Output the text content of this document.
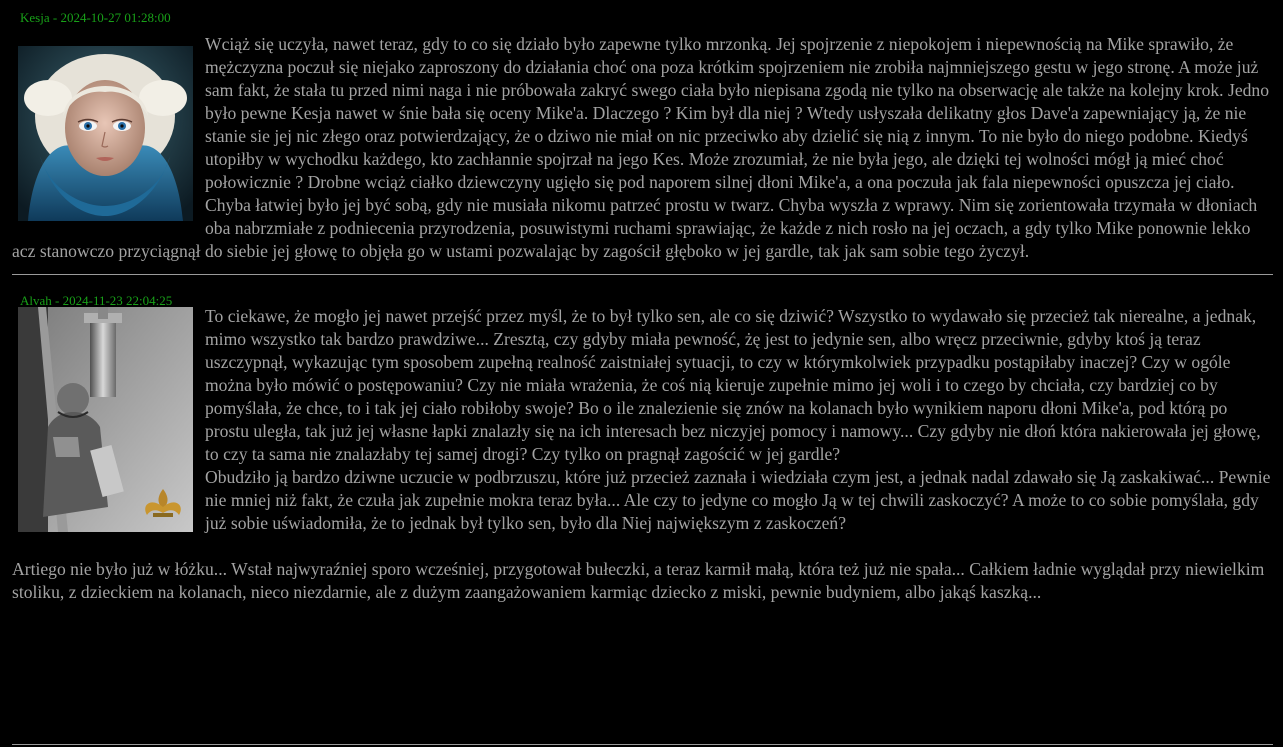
Kesja - 2024-10-27 01:28:00
Wciąż się uczyła, nawet teraz, gdy to co się działo było zapewne tylko mrzonką. Jej spojrzenie z niepokojem i niepewnością na Mike sprawiło, że mężczyzna poczuł się niejako zaproszony do działania choć ona poza krótkim spojrzeniem nie zrobiła najmniejszego gestu w jego stronę. A może już sam fakt, że stała tu przed nimi naga i nie próbowała zakryć swego ciała było niepisana zgodą nie tylko na obserwację ale także na kolejny krok. Jedno było pewne Kesja nawet w śnie bała się oceny Mike'a. Dlaczego ? Kim był dla niej ? Wtedy usłyszała delikatny głos Dave'a zapewniający ją, że nie stanie sie jej nic złego oraz potwierdzający, że o dziwo nie miał on nic przeciwko aby dzielić się nią z innym. To nie było do niego podobne. Kiedyś utopiłby w wychodku każdego, kto zachłannie spojrzał na jego Kes. Może zrozumiał, że nie była jego, ale dzięki tej wolności mógł ją mieć choć połowicznie ? Drobne wciąż ciałko dziewczyny ugięło się pod naporem silnej dłoni Mike'a, a ona poczuła jak fala niepewności opuszcza jej ciało. Chyba łatwiej było jej być sobą, gdy nie musiała nikomu patrzeć prostu w twarz. Chyba wyszła z wprawy. Nim się zorientowała trzymała w dłoniach oba nabrzmiałe z podniecenia przyrodzenia, posuwistymi ruchami sprawiając, że każde z nich rosło na jej oczach, a gdy tylko Mike ponownie lekko acz stanowczo przyciągnął do siebie jej głowę to objęła go w ustami pozwalając by zagościł głęboko w jej gardle, tak jak sam sobie tego życzył.
Alvah - 2024-11-23 22:04:25
To ciekawe, że mogło jej nawet przejść przez myśl, że to był tylko sen, ale co się dziwić? Wszystko to wydawało się przecież tak nierealne, a jednak, mimo wszystko tak bardzo prawdziwe... Zresztą, czy gdyby miała pewność, żę jest to jedynie sen, albo wręcz przeciwnie, gdyby ktoś ją teraz uszczypnął, wykazując tym sposobem zupełną realność zaistniałej sytuacji, to czy w którymkolwiek przypadku postąpiłaby inaczej? Czy w ogóle można było mówić o postępowaniu? Czy nie miała wrażenia, że coś nią kieruje zupełnie mimo jej woli i to czego by chciała, czy bardziej co by pomyślała, że chce, to i tak jej ciało robiłoby swoje? Bo o ile znalezienie się znów na kolanach było wynikiem naporu dłoni Mike'a, pod którą po prostu uległa, tak już jej własne łapki znalazły się na ich interesach bez niczyjej pomocy i namowy... Czy gdyby nie dłoń która nakierowała jej głowę, to czy ta sama nie znalazłaby tej samej drogi? Czy tylko on pragnął zagościć w jej gardle?
Obudziło ją bardzo dziwne uczucie w podbrzuszu, które już przecież zaznała i wiedziała czym jest, a jednak nadal zdawało się Ją zaskakiwać... Pewnie nie mniej niż fakt, że czuła jak zupełnie mokra teraz była... Ale czy to jedyne co mogło Ją w tej chwili zaskoczyć? A może to co sobie pomyślała, gdy już sobie uświadomiła, że to jednak był tylko sen, było dla Niej największym z zaskoczeń?
Artiego nie było już w łóżku... Wstał najwyraźniej sporo wcześniej, przygotował bułeczki, a teraz karmił małą, która też już nie spała... Całkiem ładnie wyglądał przy niewielkim stoliku, z dzieckiem na kolanach, nieco niezdarnie, ale z dużym zaangażowaniem karmiąc dziecko z miski, pewnie budyniem, albo jakąś kaszką...
